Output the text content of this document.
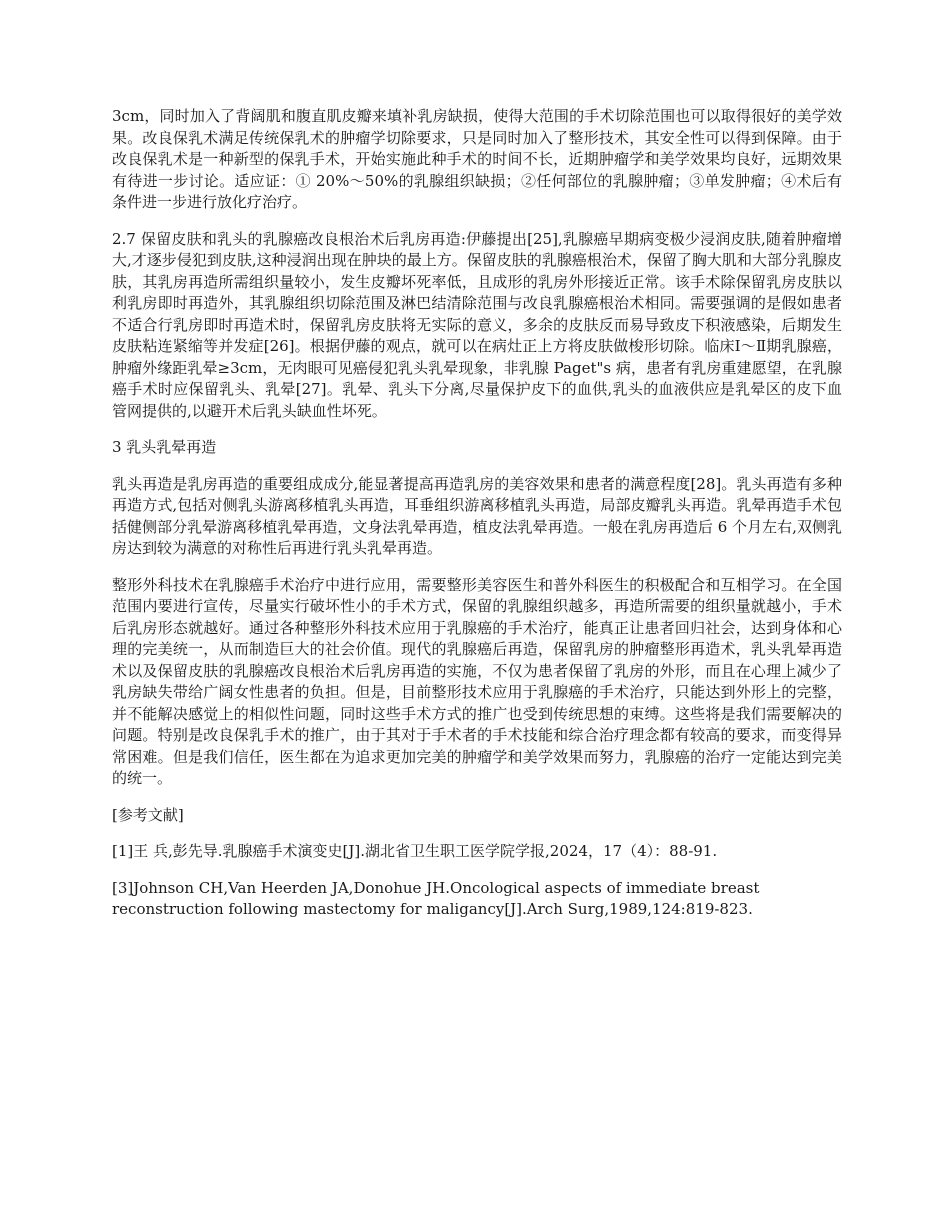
3cm，同时加入了背阔肌和腹直肌皮瓣来填补乳房缺损，使得大范围的手术切除范围也可以取得很好的美学效果。改良保乳术满足传统保乳术的肿瘤学切除要求，只是同时加入了整形技术，其安全性可以得到保障。由于改良保乳术是一种新型的保乳手术，开始实施此种手术的时间不长，近期肿瘤学和美学效果均良好，远期效果有待进一步讨论。适应证：① 20%～50%的乳腺组织缺损；②任何部位的乳腺肿瘤；③单发肿瘤；④术后有条件进一步进行放化疗治疗。

2.7 保留皮肤和乳头的乳腺癌改良根治术后乳房再造:伊藤提出[25],乳腺癌早期病变极少浸润皮肤,随着肿瘤增大,才逐步侵犯到皮肤,这种浸润出现在肿块的最上方。保留皮肤的乳腺癌根治术，保留了胸大肌和大部分乳腺皮肤，其乳房再造所需组织量较小，发生皮瓣坏死率低，且成形的乳房外形接近正常。该手术除保留乳房皮肤以利乳房即时再造外，其乳腺组织切除范围及淋巴结清除范围与改良乳腺癌根治术相同。需要强调的是假如患者不适合行乳房即时再造术时，保留乳房皮肤将无实际的意义，多余的皮肤反而易导致皮下积液感染，后期发生皮肤粘连紧缩等并发症[26]。根据伊藤的观点，就可以在病灶正上方将皮肤做梭形切除。临床Ⅰ～Ⅱ期乳腺癌，肿瘤外缘距乳晕≥3cm，无肉眼可见癌侵犯乳头乳晕现象，非乳腺 Paget"s 病，患者有乳房重建愿望，在乳腺癌手术时应保留乳头、乳晕[27]。乳晕、乳头下分离,尽量保护皮下的血供,乳头的血液供应是乳晕区的皮下血管网提供的,以避开术后乳头缺血性坏死。

3 乳头乳晕再造

乳头再造是乳房再造的重要组成成分,能显著提高再造乳房的美容效果和患者的满意程度[28]。乳头再造有多种再造方式,包括对侧乳头游离移植乳头再造，耳垂组织游离移植乳头再造，局部皮瓣乳头再造。乳晕再造手术包括健侧部分乳晕游离移植乳晕再造，文身法乳晕再造，植皮法乳晕再造。一般在乳房再造后 6 个月左右,双侧乳房达到较为满意的对称性后再进行乳头乳晕再造。

整形外科技术在乳腺癌手术治疗中进行应用，需要整形美容医生和普外科医生的积极配合和互相学习。在全国范围内要进行宣传，尽量实行破坏性小的手术方式，保留的乳腺组织越多，再造所需要的组织量就越小，手术后乳房形态就越好。通过各种整形外科技术应用于乳腺癌的手术治疗，能真正让患者回归社会，达到身体和心理的完美统一，从而制造巨大的社会价值。现代的乳腺癌后再造，保留乳房的肿瘤整形再造术，乳头乳晕再造术以及保留皮肤的乳腺癌改良根治术后乳房再造的实施，不仅为患者保留了乳房的外形，而且在心理上减少了乳房缺失带给广阔女性患者的负担。但是，目前整形技术应用于乳腺癌的手术治疗，只能达到外形上的完整，并不能解决感觉上的相似性问题，同时这些手术方式的推广也受到传统思想的束缚。这些将是我们需要解决的问题。特别是改良保乳手术的推广，由于其对于手术者的手术技能和综合治疗理念都有较高的要求，而变得异常困难。但是我们信任，医生都在为追求更加完美的肿瘤学和美学效果而努力，乳腺癌的治疗一定能达到完美的统一。

[参考文献]

[1]王 兵,彭先导.乳腺癌手术演变史[J].湖北省卫生职工医学院学报,2024，17（4）：88-91.

[3]Johnson CH,Van Heerden JA,Donohue JH.Oncological aspects of immediate breast reconstruction following mastectomy for maligancy[J].Arch Surg,1989,124:819-823.
